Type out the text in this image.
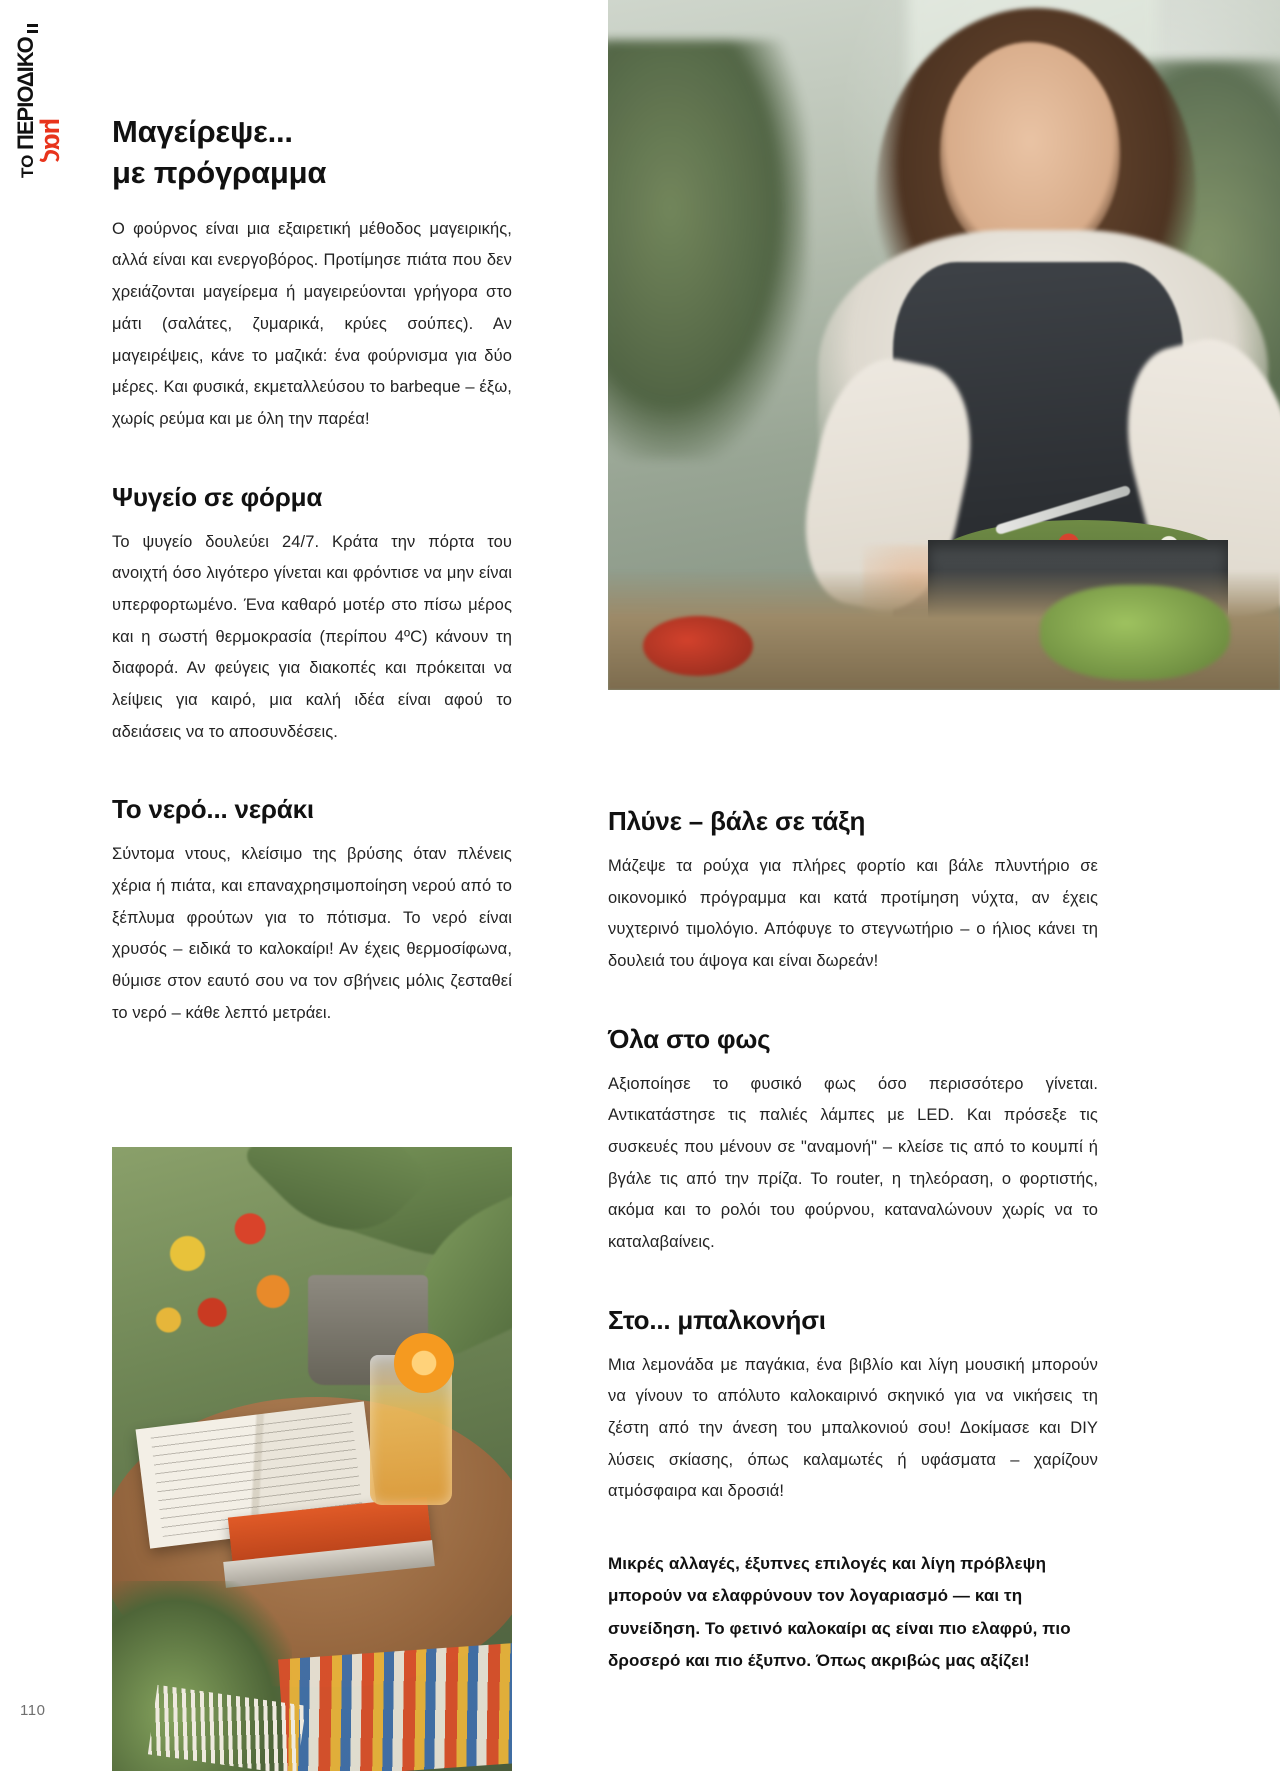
ΤΟ
ΠΕΡΙΟΔΙΚΟ μας
110
Μαγείρεψε...
με πρόγραμμα

Ο φούρνος είναι μια εξαιρετική μέθοδος μαγειρικής, αλλά είναι και ενεργοβόρος. Προτίμησε πιάτα που δεν χρειάζονται μαγείρεμα ή μαγειρεύονται γρήγορα στο μάτι (σαλάτες, ζυμαρικά, κρύες σούπες). Αν μαγειρέψεις, κάνε το μαζικά: ένα φούρνισμα για δύο μέρες. Και φυσικά, εκμεταλλεύσου το barbeque – έξω, χωρίς ρεύμα και με όλη την παρέα!

Ψυγείο σε φόρμα

Το ψυγείο δουλεύει 24/7. Κράτα την πόρτα του ανοιχτή όσο λιγότερο γίνεται και φρόντισε να μην είναι υπερφορτωμένο. Ένα καθαρό μοτέρ στο πίσω μέρος και η σωστή θερμοκρασία (περίπου 4ºC) κάνουν τη διαφορά. Αν φεύγεις για διακοπές και πρόκειται να λείψεις για καιρό, μια καλή ιδέα είναι αφού το αδειάσεις να το αποσυνδέσεις.

Το νερό... νεράκι

Σύντομα ντους, κλείσιμο της βρύσης όταν πλένεις χέρια ή πιάτα, και επαναχρησιμοποίηση νερού από το ξέπλυμα φρούτων για το πότισμα. Το νερό είναι χρυσός – ειδικά το καλοκαίρι! Αν έχεις θερμοσίφωνα, θύμισε στον εαυτό σου να τον σβήνεις μόλις ζεσταθεί το νερό – κάθε λεπτό μετράει.

Πλύνε – βάλε σε τάξη

Μάζεψε τα ρούχα για πλήρες φορτίο και βάλε πλυντήριο σε οικονομικό πρόγραμμα και κατά προτίμηση νύχτα, αν έχεις νυχτερινό τιμολόγιο. Απόφυγε το στεγνωτήριο – ο ήλιος κάνει τη δουλειά του άψογα και είναι δωρεάν!

Όλα στο φως

Αξιοποίησε το φυσικό φως όσο περισσότερο γίνεται. Αντικατάστησε τις παλιές λάμπες με LED. Και πρόσεξε τις συσκευές που μένουν σε "αναμονή" – κλείσε τις από το κουμπί ή βγάλε τις από την πρίζα. Το router, η τηλεόραση, ο φορτιστής, ακόμα και το ρολόι του φούρνου, καταναλώνουν χωρίς να το καταλαβαίνεις.

Στο... μπαλκονήσι

Μια λεμονάδα με παγάκια, ένα βιβλίο και λίγη μουσική μπορούν να γίνουν το απόλυτο καλοκαιρινό σκηνικό για να νικήσεις τη ζέστη από την άνεση του μπαλκονιού σου! Δοκίμασε και DIY λύσεις σκίασης, όπως καλαμωτές ή υφάσματα – χαρίζουν ατμόσφαιρα και δροσιά!

Μικρές αλλαγές, έξυπνες επιλογές και λίγη πρόβλεψη μπορούν να ελαφρύνουν τον λογαριασμό — και τη συνείδηση. Το φετινό καλοκαίρι ας είναι πιο ελαφρύ, πιο δροσερό και πιο έξυπνο. Όπως ακριβώς μας αξίζει!
